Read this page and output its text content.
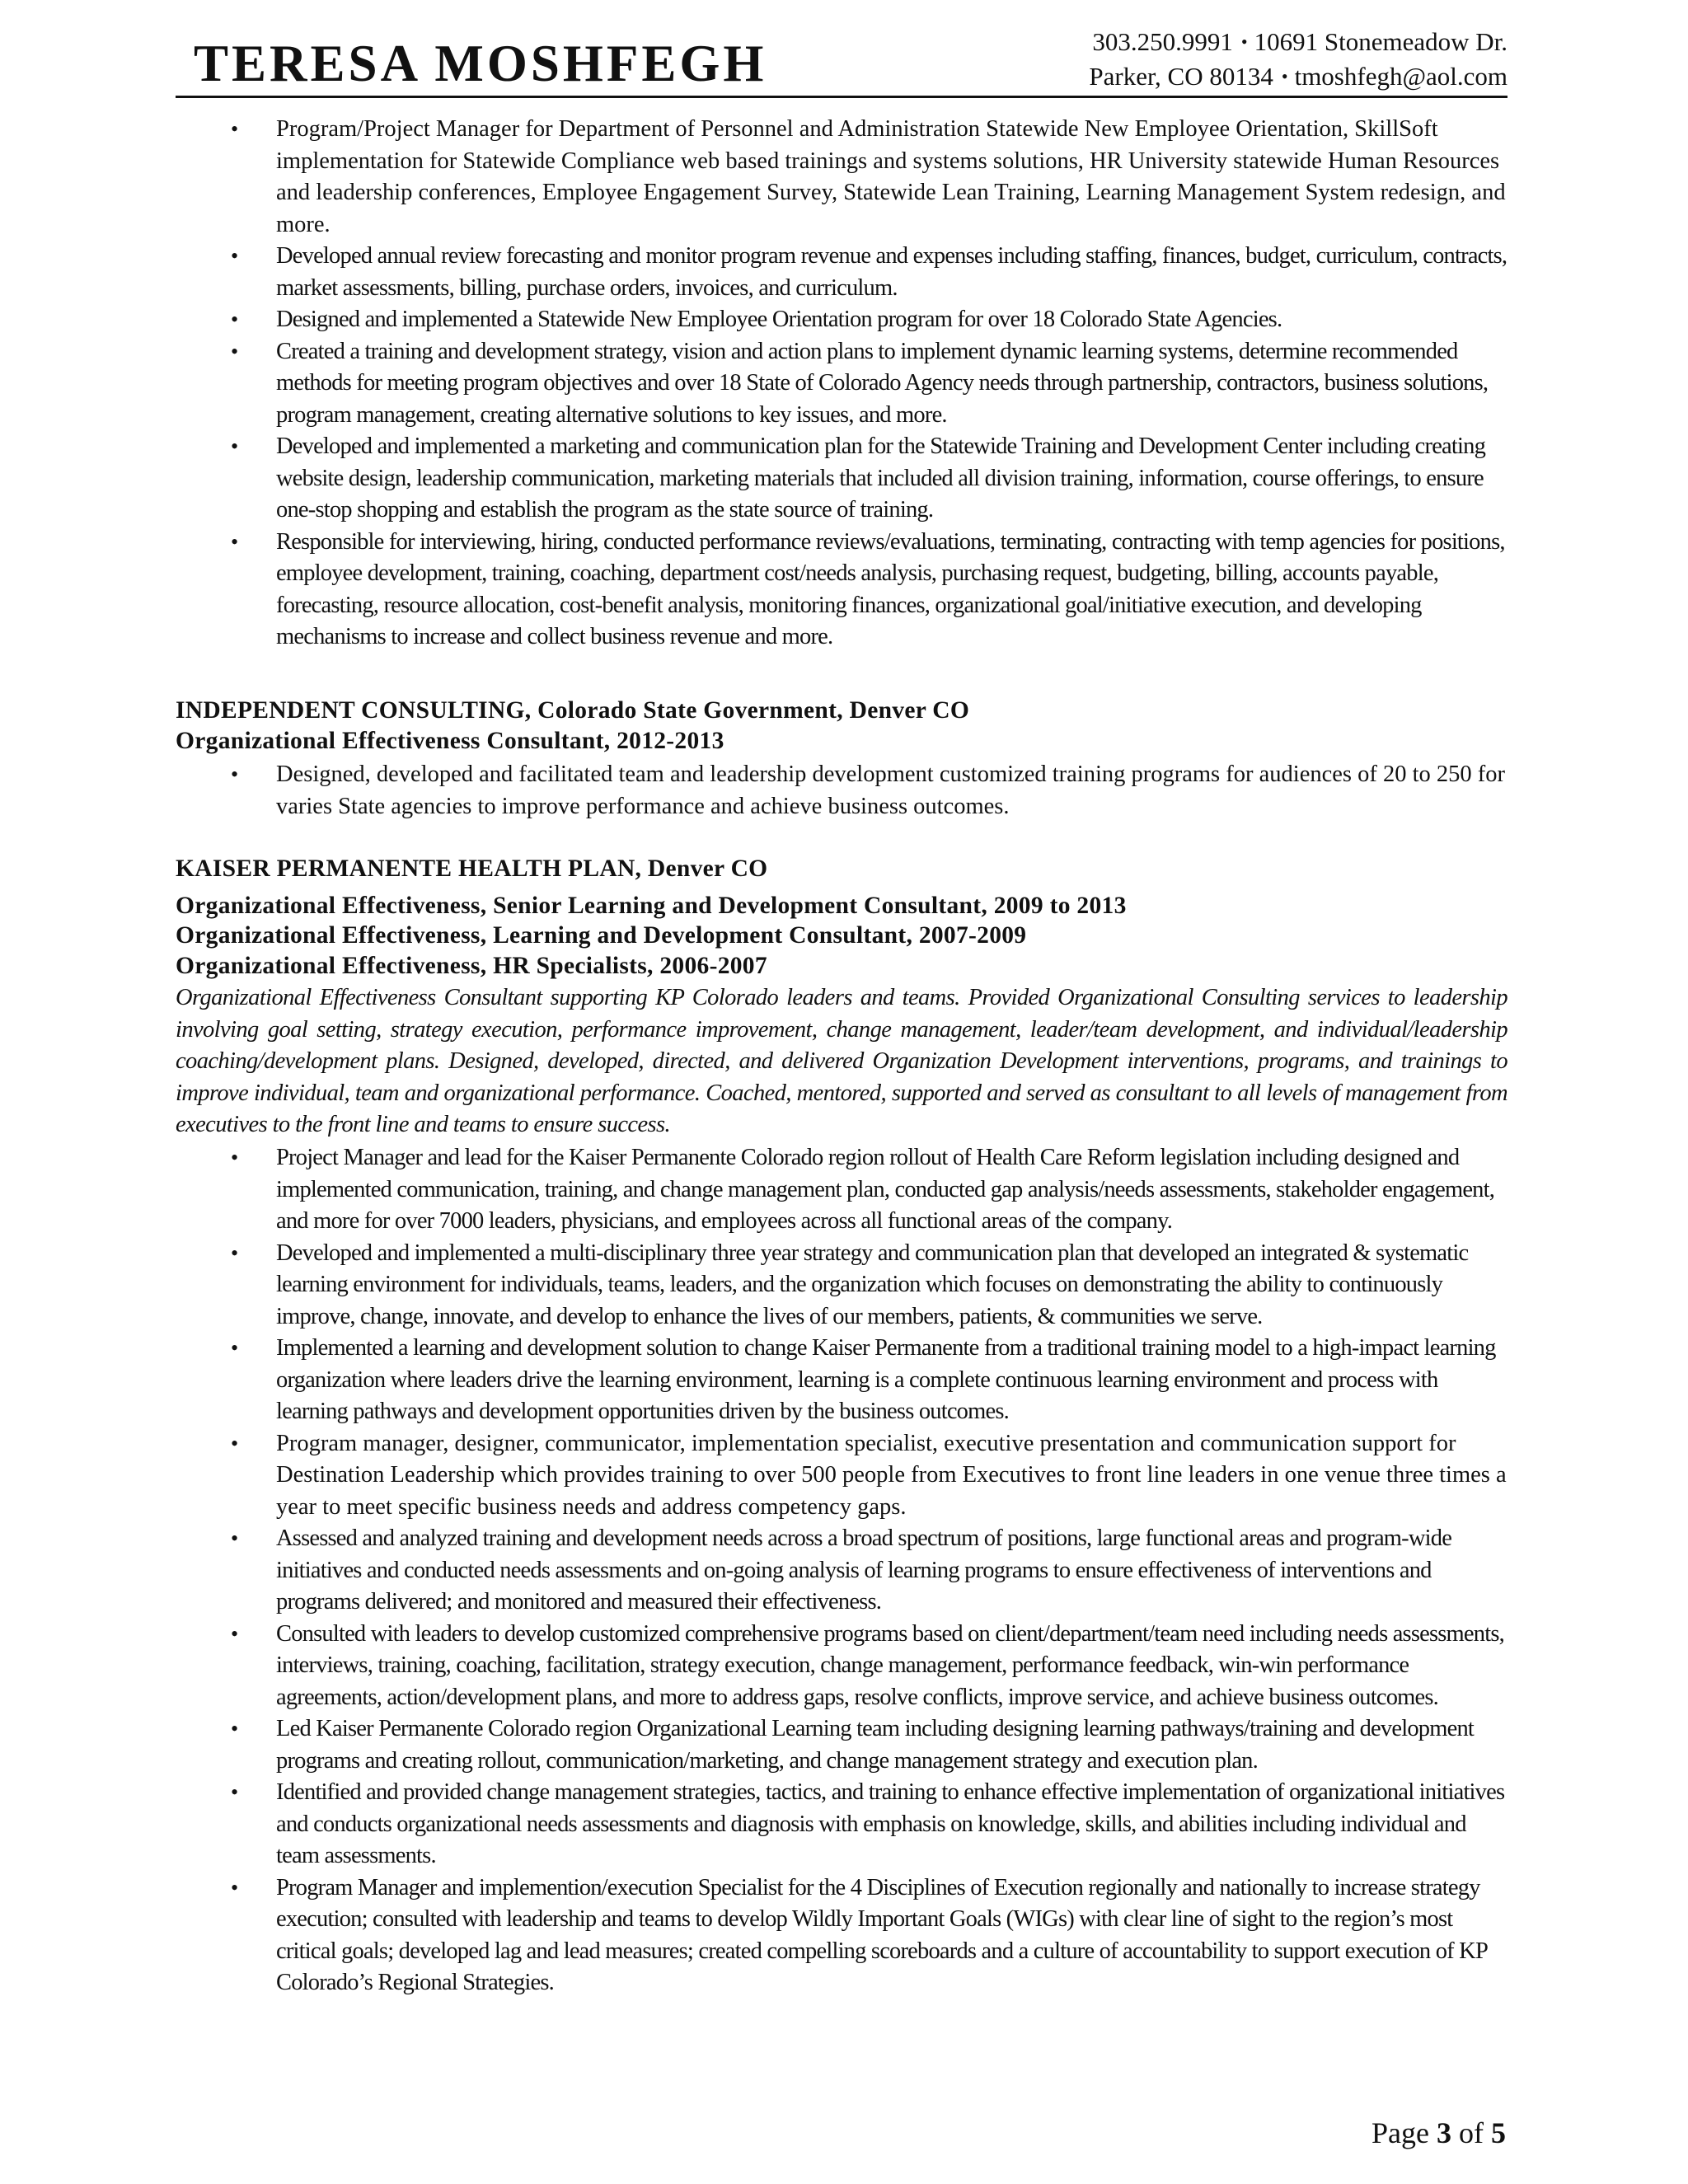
TERESA MOSHFEGH	303.250.9991 • 10691 Stonemeadow Dr.
Parker, CO 80134 • tmoshfegh@aol.com
• Program/Project Manager for Department of Personnel and Administration Statewide New Employee Orientation, SkillSoft implementation for Statewide Compliance web based trainings and systems solutions, HR University statewide Human Resources and leadership conferences, Employee Engagement Survey, Statewide Lean Training, Learning Management System redesign, and more.
• Developed annual review forecasting and monitor program revenue and expenses including staffing, finances, budget, curriculum, contracts, market assessments, billing, purchase orders, invoices, and curriculum.
• Designed and implemented a Statewide New Employee Orientation program for over 18 Colorado State Agencies.
• Created a training and development strategy, vision and action plans to implement dynamic learning systems, determine recommended methods for meeting program objectives and over 18 State of Colorado Agency needs through partnership, contractors, business solutions, program management, creating alternative solutions to key issues, and more.
• Developed and implemented a marketing and communication plan for the Statewide Training and Development Center including creating website design, leadership communication, marketing materials that included all division training, information, course offerings, to ensure one-stop shopping and establish the program as the state source of training.
• Responsible for interviewing, hiring, conducted performance reviews/evaluations, terminating, contracting with temp agencies for positions, employee development, training, coaching, department cost/needs analysis, purchasing request, budgeting, billing, accounts payable, forecasting, resource allocation, cost-benefit analysis, monitoring finances, organizational goal/initiative execution, and developing mechanisms to increase and collect business revenue and more.
INDEPENDENT CONSULTING, Colorado State Government, Denver CO
Organizational Effectiveness Consultant, 2012-2013
• Designed, developed and facilitated team and leadership development customized training programs for audiences of 20 to 250 for varies State agencies to improve performance and achieve business outcomes.
KAISER PERMANENTE HEALTH PLAN, Denver CO
Organizational Effectiveness, Senior Learning and Development Consultant, 2009 to 2013
Organizational Effectiveness, Learning and Development Consultant, 2007-2009
Organizational Effectiveness, HR Specialists, 2006-2007
Organizational Effectiveness Consultant supporting KP Colorado leaders and teams. Provided Organizational Consulting services to leadership involving goal setting, strategy execution, performance improvement, change management, leader/team development, and individual/leadership coaching/development plans. Designed, developed, directed, and delivered Organization Development interventions, programs, and trainings to improve individual, team and organizational performance. Coached, mentored, supported and served as consultant to all levels of management from executives to the front line and teams to ensure success.
• Project Manager and lead for the Kaiser Permanente Colorado region rollout of Health Care Reform legislation including designed and implemented communication, training, and change management plan, conducted gap analysis/needs assessments, stakeholder engagement, and more for over 7000 leaders, physicians, and employees across all functional areas of the company.
• Developed and implemented a multi-disciplinary three year strategy and communication plan that developed an integrated & systematic learning environment for individuals, teams, leaders, and the organization which focuses on demonstrating the ability to continuously improve, change, innovate, and develop to enhance the lives of our members, patients, & communities we serve.
• Implemented a learning and development solution to change Kaiser Permanente from a traditional training model to a high-impact learning organization where leaders drive the learning environment, learning is a complete continuous learning environment and process with learning pathways and development opportunities driven by the business outcomes.
• Program manager, designer, communicator, implementation specialist, executive presentation and communication support for Destination Leadership which provides training to over 500 people from Executives to front line leaders in one venue three times a year to meet specific business needs and address competency gaps.
• Assessed and analyzed training and development needs across a broad spectrum of positions, large functional areas and program-wide initiatives and conducted needs assessments and on-going analysis of learning programs to ensure effectiveness of interventions and programs delivered; and monitored and measured their effectiveness.
• Consulted with leaders to develop customized comprehensive programs based on client/department/team need including needs assessments, interviews, training, coaching, facilitation, strategy execution, change management, performance feedback, win-win performance agreements, action/development plans, and more to address gaps, resolve conflicts, improve service, and achieve business outcomes.
• Led Kaiser Permanente Colorado region Organizational Learning team including designing learning pathways/training and development programs and creating rollout, communication/marketing, and change management strategy and execution plan.
• Identified and provided change management strategies, tactics, and training to enhance effective implementation of organizational initiatives and conducts organizational needs assessments and diagnosis with emphasis on knowledge, skills, and abilities including individual and team assessments.
• Program Manager and implemention/execution Specialist for the 4 Disciplines of Execution regionally and nationally to increase strategy execution; consulted with leadership and teams to develop Wildly Important Goals (WIGs) with clear line of sight to the region’s most critical goals; developed lag and lead measures; created compelling scoreboards and a culture of accountability to support execution of KP Colorado’s Regional Strategies.
Page 3 of 5
